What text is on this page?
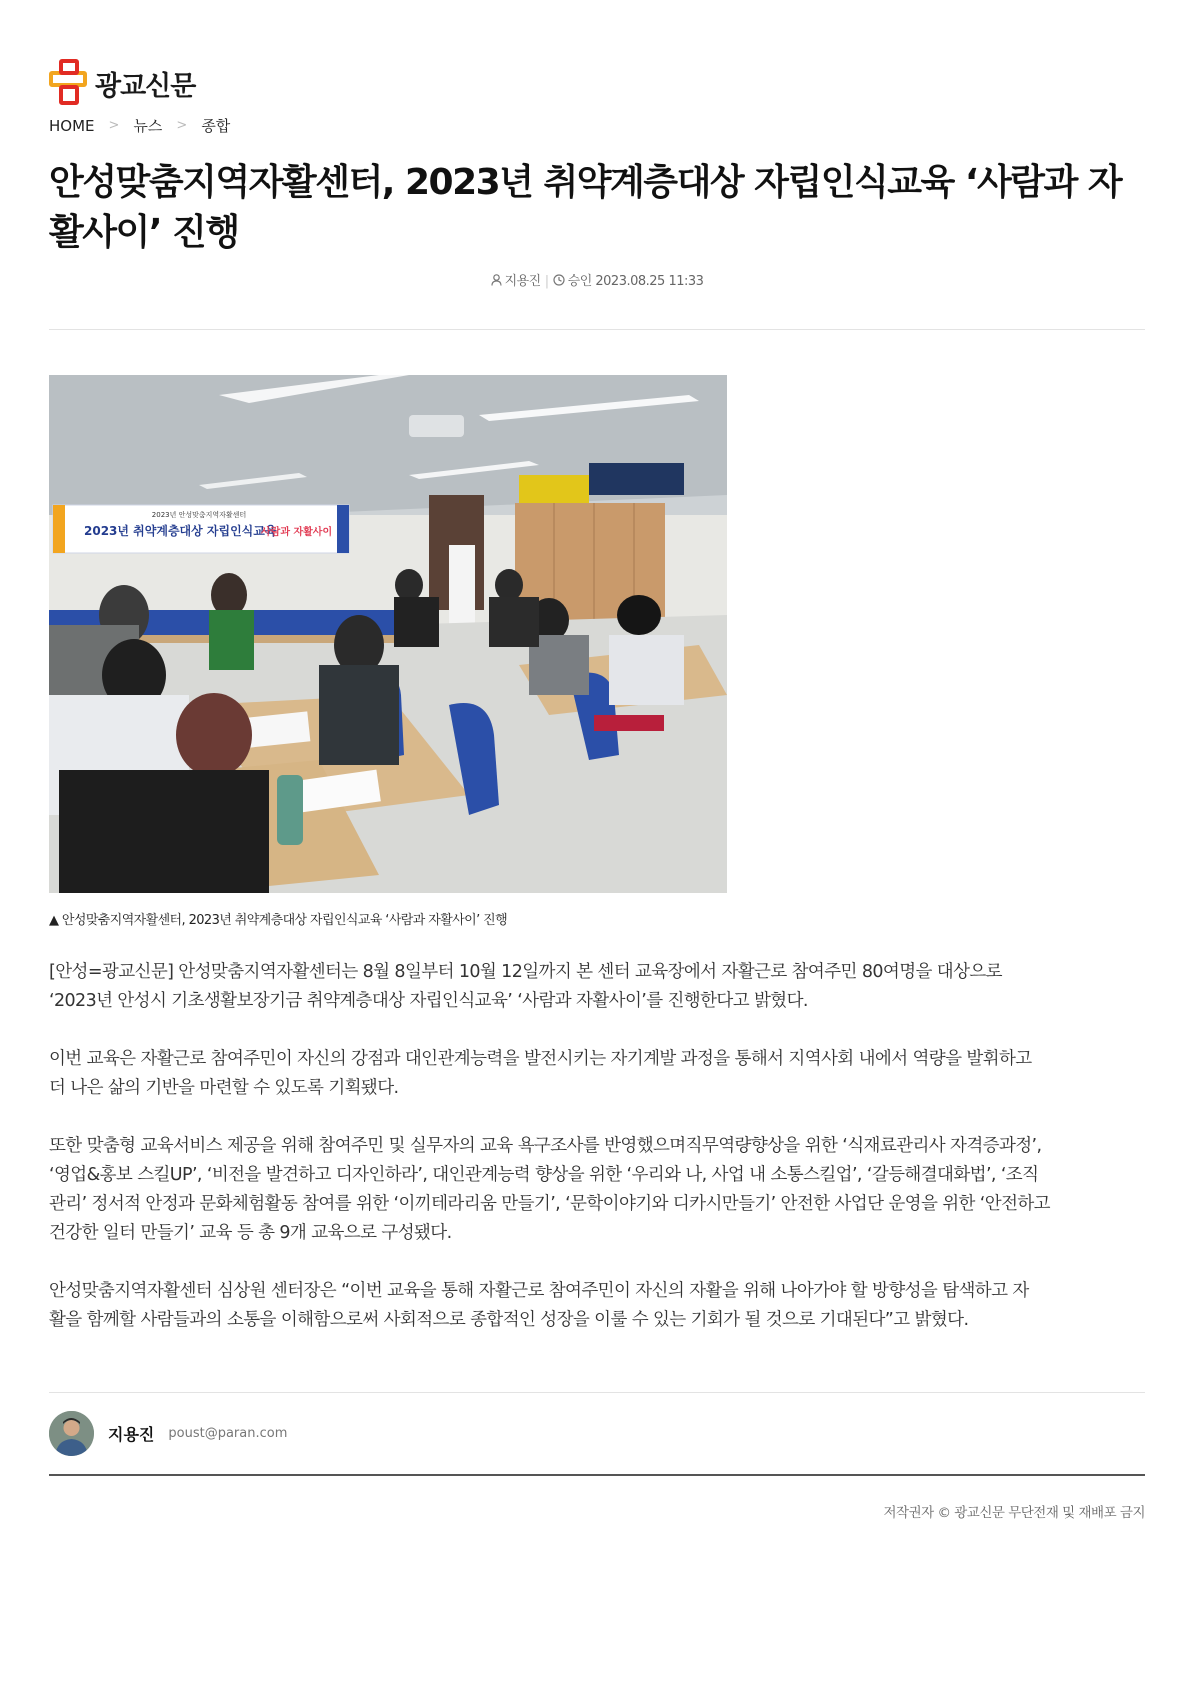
광교신문
HOME > 뉴스 > 종합
안성맞춤지역자활센터, 2023년 취약계층대상 자립인식교육 ‘사람과 자활사이’ 진행
지용진 | 승인 2023.08.25 11:33
2023년 안성맞춤지역자활센터
2023년 취약계층대상 자립인식교육
사람과 자활사이
▲ 안성맞춤지역자활센터, 2023년 취약계층대상 자립인식교육 ‘사람과 자활사이’ 진행

[안성=광교신문] 안성맞춤지역자활센터는 8월 8일부터 10월 12일까지 본 센터 교육장에서 자활근로 참여주민 80여명을 대상으로
‘2023년 안성시 기초생활보장기금 취약계층대상 자립인식교육’ ‘사람과 자활사이’를 진행한다고 밝혔다.

이번 교육은 자활근로 참여주민이 자신의 강점과 대인관계능력을 발전시키는 자기계발 과정을 통해서 지역사회 내에서 역량을 발휘하고
더 나은 삶의 기반을 마련할 수 있도록 기획됐다.

또한 맞춤형 교육서비스 제공을 위해 참여주민 및 실무자의 교육 욕구조사를 반영했으며직무역량향상을 위한 ‘식재료관리사 자격증과정’,
‘영업&홍보 스킬UP’, ‘비전을 발견하고 디자인하라’, 대인관계능력 향상을 위한 ‘우리와 나, 사업 내 소통스킬업’, ‘갈등해결대화법’, ‘조직
관리’ 정서적 안정과 문화체험활동 참여를 위한 ‘이끼테라리움 만들기’, ‘문학이야기와 디카시만들기’ 안전한 사업단 운영을 위한 ‘안전하고
건강한 일터 만들기’ 교육 등 총 9개 교육으로 구성됐다.

안성맞춤지역자활센터 심상원 센터장은 “이번 교육을 통해 자활근로 참여주민이 자신의 자활을 위해 나아가야 할 방향성을 탐색하고 자
활을 함께할 사람들과의 소통을 이해함으로써 사회적으로 종합적인 성장을 이룰 수 있는 기회가 될 것으로 기대된다”고 밝혔다.

지용진 poust@paran.com
저작권자 © 광교신문 무단전재 및 재배포 금지
